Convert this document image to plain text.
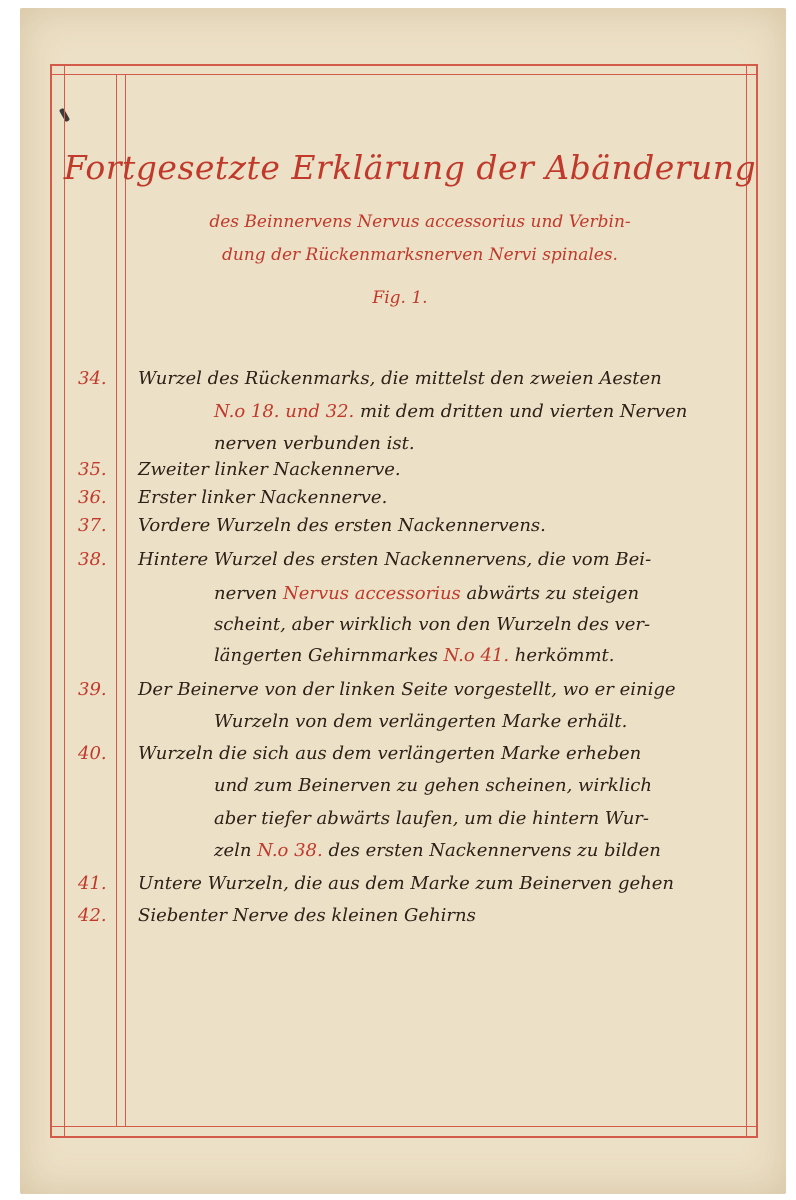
Fortgesetzte Erklärung der Abänderung
des Beinnervens Nervus accessorius und Verbin-
dung der Rückenmarksnerven Nervi spinales.
Fig. 1.
34.	Wurzel des Rückenmarks, die mittelst den zweien Aesten
N.o 18. und 32. mit dem dritten und vierten Nerven
nerven verbunden ist.
35.	Zweiter linker Nackennerve.
36.	Erster linker Nackennerve.
37.	Vordere Wurzeln des ersten Nackennervens.
38.	Hintere Wurzel des ersten Nackennervens, die vom Bei-
nerven Nervus accessorius abwärts zu steigen
scheint, aber wirklich von den Wurzeln des ver-
längerten Gehirnmarkes N.o 41. herkömmt.
39.	Der Beinerve von der linken Seite vorgestellt, wo er einige
Wurzeln von dem verlängerten Marke erhält.
40.	Wurzeln die sich aus dem verlängerten Marke erheben
und zum Beinerven zu gehen scheinen, wirklich
aber tiefer abwärts laufen, um die hintern Wur-
zeln N.o 38. des ersten Nackennervens zu bilden
41.	Untere Wurzeln, die aus dem Marke zum Beinerven gehen
42.	Siebenter Nerve des kleinen Gehirns
